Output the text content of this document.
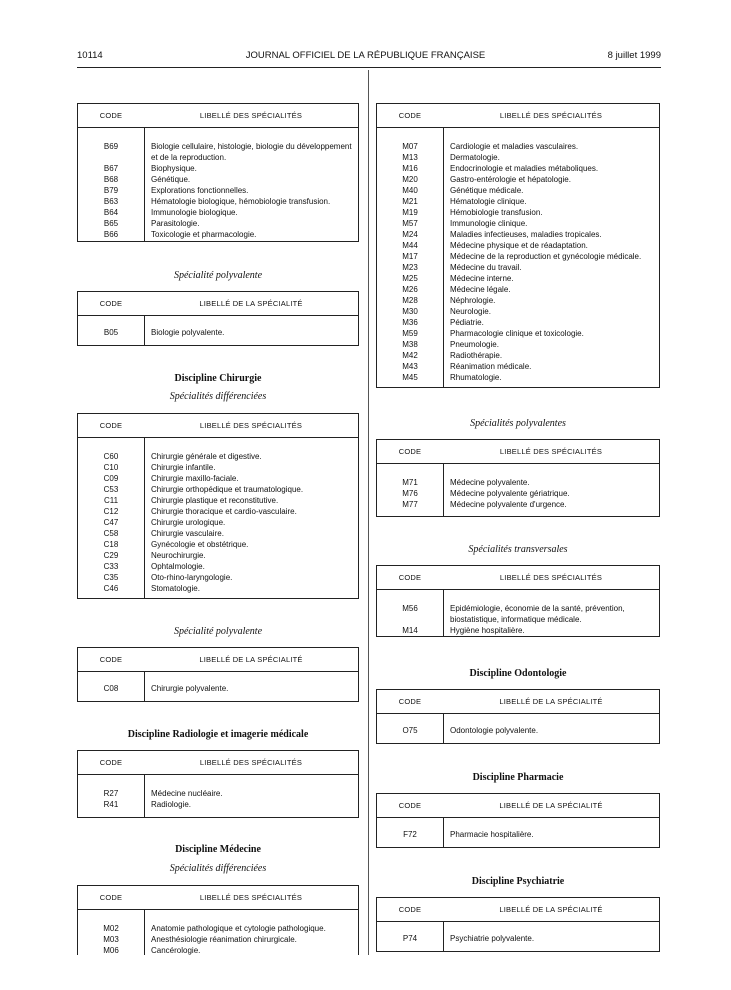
10114	JOURNAL OFFICIEL DE LA RÉPUBLIQUE FRANÇAISE	8 juillet 1999
CODE	LIBELLÉ DES SPÉCIALITÉS
B69	Biologie cellulaire, histologie, biologie du développement et de la reproduction.
B67	Biophysique.
B68	Génétique.
B79	Explorations fonctionnelles.
B63	Hématologie biologique, hémobiologie transfusion.
B64	Immunologie biologique.
B65	Parasitologie.
B66	Toxicologie et pharmacologie.
Spécialité polyvalente
CODE	LIBELLÉ DE LA SPÉCIALITÉ
B05	Biologie polyvalente.
Discipline Chirurgie
Spécialités différenciées
CODE	LIBELLÉ DES SPÉCIALITÉS
C60	Chirurgie générale et digestive.
C10	Chirurgie infantile.
C09	Chirurgie maxillo-faciale.
C53	Chirurgie orthopédique et traumatologique.
C11	Chirurgie plastique et reconstitutive.
C12	Chirurgie thoracique et cardio-vasculaire.
C47	Chirurgie urologique.
C58	Chirurgie vasculaire.
C18	Gynécologie et obstétrique.
C29	Neurochirurgie.
C33	Ophtalmologie.
C35	Oto-rhino-laryngologie.
C46	Stomatologie.
Spécialité polyvalente
CODE	LIBELLÉ DE LA SPÉCIALITÉ
C08	Chirurgie polyvalente.
Discipline Radiologie et imagerie médicale
CODE	LIBELLÉ DES SPÉCIALITÉS
R27	Médecine nucléaire.
R41	Radiologie.
Discipline Médecine
Spécialités différenciées
CODE	LIBELLÉ DES SPÉCIALITÉS
M02	Anatomie pathologique et cytologie pathologique.
M03	Anesthésiologie réanimation chirurgicale.
M06	Cancérologie.
CODE	LIBELLÉ DES SPÉCIALITÉS
M07	Cardiologie et maladies vasculaires.
M13	Dermatologie.
M16	Endocrinologie et maladies métaboliques.
M20	Gastro-entérologie et hépatologie.
M40	Génétique médicale.
M21	Hématologie clinique.
M19	Hémobiologie transfusion.
M57	Immunologie clinique.
M24	Maladies infectieuses, maladies tropicales.
M44	Médecine physique et de réadaptation.
M17	Médecine de la reproduction et gynécologie médicale.
M23	Médecine du travail.
M25	Médecine interne.
M26	Médecine légale.
M28	Néphrologie.
M30	Neurologie.
M36	Pédiatrie.
M59	Pharmacologie clinique et toxicologie.
M38	Pneumologie.
M42	Radiothérapie.
M43	Réanimation médicale.
M45	Rhumatologie.
Spécialités polyvalentes
CODE	LIBELLÉ DES SPÉCIALITÉS
M71	Médecine polyvalente.
M76	Médecine polyvalente gériatrique.
M77	Médecine polyvalente d'urgence.
Spécialités transversales
CODE	LIBELLÉ DES SPÉCIALITÉS
M56	Epidémiologie, économie de la santé, prévention, biostatistique, informatique médicale.
M14	Hygiène hospitalière.
Discipline Odontologie
CODE	LIBELLÉ DE LA SPÉCIALITÉ
O75	Odontologie polyvalente.
Discipline Pharmacie
CODE	LIBELLÉ DE LA SPÉCIALITÉ
F72	Pharmacie hospitalière.
Discipline Psychiatrie
CODE	LIBELLÉ DE LA SPÉCIALITÉ
P74	Psychiatrie polyvalente.
